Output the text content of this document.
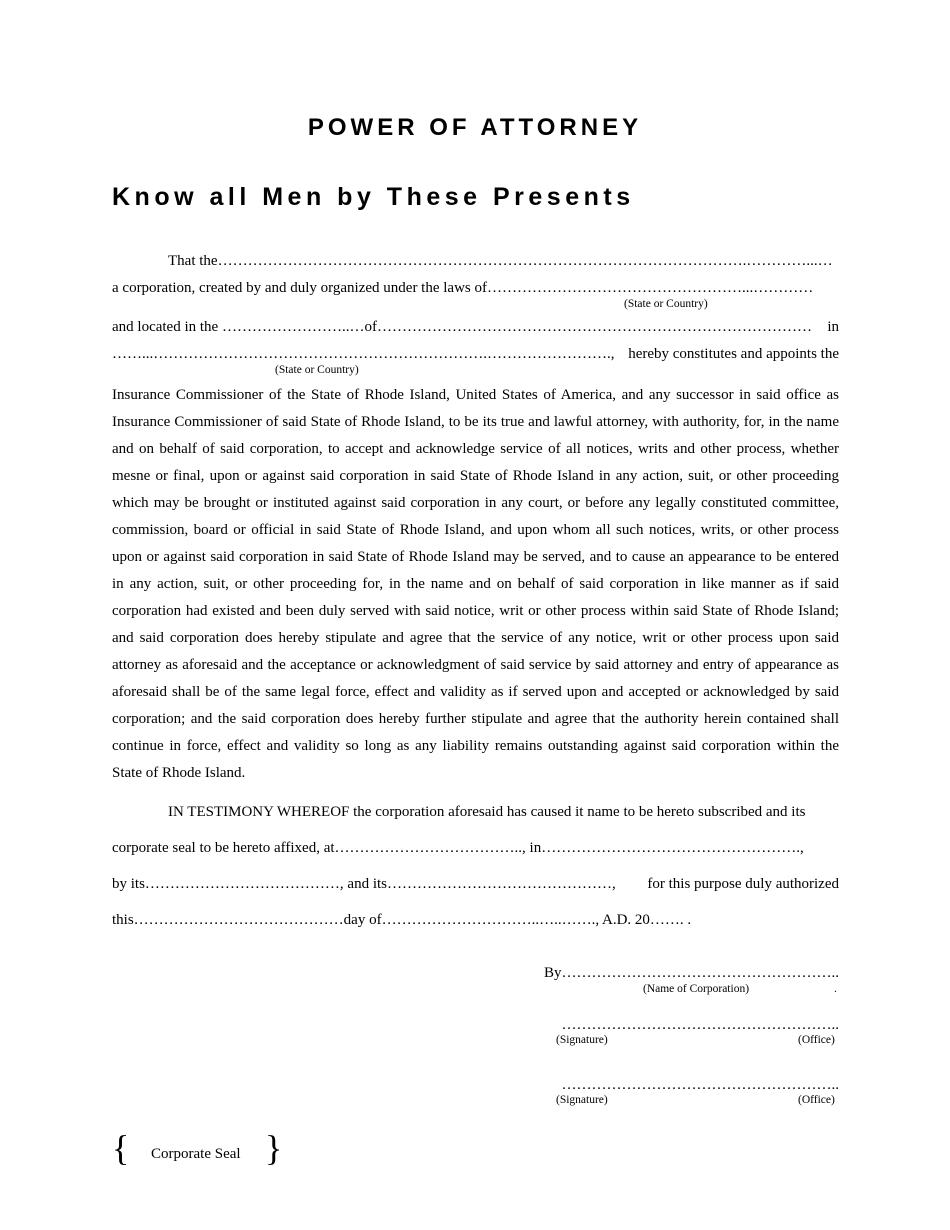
POWER OF ATTORNEY
Know all Men by These Presents
That the…………………………………………………………………………………………….…………...…
a corporation, created by and duly organized under the laws of……………………………………………...…………
(State or Country)
and located in the ……………………..…of…………………………………………………………………………… in
……...………………………………………………………….……………………., hereby constitutes and appoints the
(State or Country)

Insurance Commissioner of the State of Rhode Island, United States of America, and any successor in said office as Insurance Commissioner of said State of Rhode Island, to be its true and lawful attorney, with authority, for, in the name and on behalf of said corporation, to accept and acknowledge service of all notices, writs and other process, whether mesne or final, upon or against said corporation in said State of Rhode Island in any action, suit, or other proceeding which may be brought or instituted against said corporation in any court, or before any legally constituted committee, commission, board or official in said State of Rhode Island, and upon whom all such notices, writs, or other process upon or against said corporation in said State of Rhode Island may be served, and to cause an appearance to be entered in any action, suit, or other proceeding for, in the name and on behalf of said corporation in like manner as if said corporation had existed and been duly served with said notice, writ or other process within said State of Rhode Island; and said corporation does hereby stipulate and agree that the service of any notice, writ or other process upon said attorney as aforesaid and the acceptance or acknowledgment of said service by said attorney and entry of appearance as aforesaid shall be of the same legal force, effect and validity as if served upon and accepted or acknowledged by said corporation; and the said corporation does hereby further stipulate and agree that the authority herein contained shall continue in force, effect and validity so long as any liability remains outstanding against said corporation within the State of Rhode Island.

IN TESTIMONY WHEREOF the corporation aforesaid has caused it name to be hereto subscribed and its
corporate seal to be hereto affixed, at……………………………….., in…………………………………………….,
by its…………………………………, and its………………………………………, for this purpose duly authorized
this……………………………………day of…………………………..…..……., A.D. 20……. .
By………………………………………………..
(Name of Corporation)	.
………………………………………………..
(Signature)	(Office)
………………………………………………..
(Signature)	(Office)
{ Corporate Seal }
